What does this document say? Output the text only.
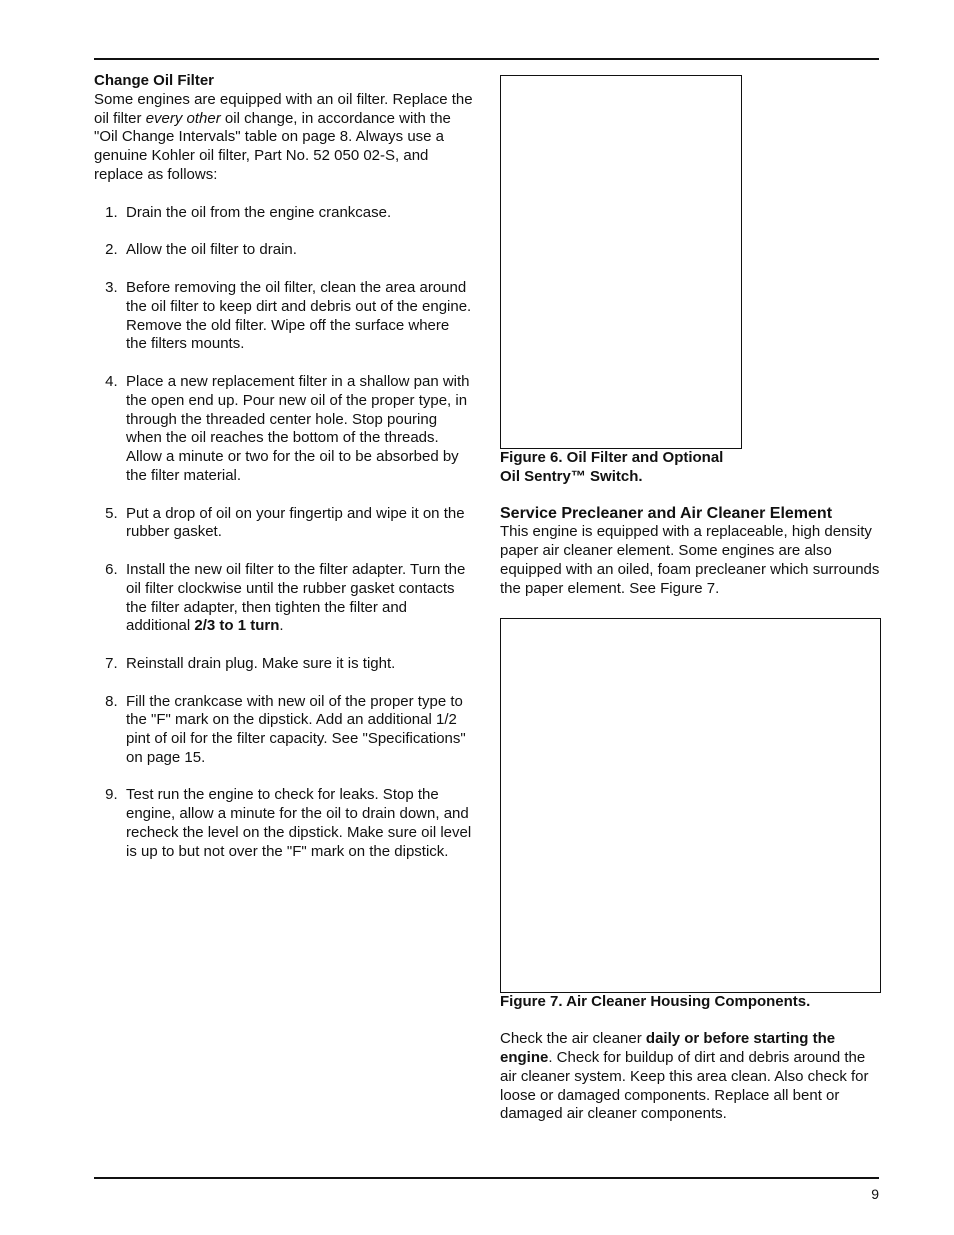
Change Oil Filter

Some engines are equipped with an oil filter. Replace the oil filter every other oil change, in accordance with the "Oil Change Intervals" table on page 8. Always use a genuine Kohler oil filter, Part No. 52 050 02-S, and replace as follows:

1. Drain the oil from the engine crankcase.
2. Allow the oil filter to drain.
3. Before removing the oil filter, clean the area around the oil filter to keep dirt and debris out of the engine. Remove the old filter. Wipe off the surface where the filters mounts.
4. Place a new replacement filter in a shallow pan with the open end up. Pour new oil of the proper type, in through the threaded center hole. Stop pouring when the oil reaches the bottom of the threads. Allow a minute or two for the oil to be absorbed by the filter material.
5. Put a drop of oil on your fingertip and wipe it on the rubber gasket.
6. Install the new oil filter to the filter adapter. Turn the oil filter clockwise until the rubber gasket contacts the filter adapter, then tighten the filter and additional 2/3 to 1 turn.
7. Reinstall drain plug. Make sure it is tight.
8. Fill the crankcase with new oil of the proper type to the "F" mark on the dipstick. Add an additional 1/2 pint of oil for the filter capacity. See "Specifications" on page 15.
9. Test run the engine to check for leaks. Stop the engine, allow a minute for the oil to drain down, and recheck the level on the dipstick. Make sure oil level is up to but not over the "F" mark on the dipstick.

Figure 6. Oil Filter and Optional
Oil Sentry™ Switch.

Service Precleaner and Air Cleaner Element

This engine is equipped with a replaceable, high density paper air cleaner element. Some engines are also equipped with an oiled, foam precleaner which surrounds the paper element. See Figure 7.

Figure 7. Air Cleaner Housing Components.

Check the air cleaner daily or before starting the engine. Check for buildup of dirt and debris around the air cleaner system. Keep this area clean. Also check for loose or damaged components. Replace all bent or damaged air cleaner components.

9
